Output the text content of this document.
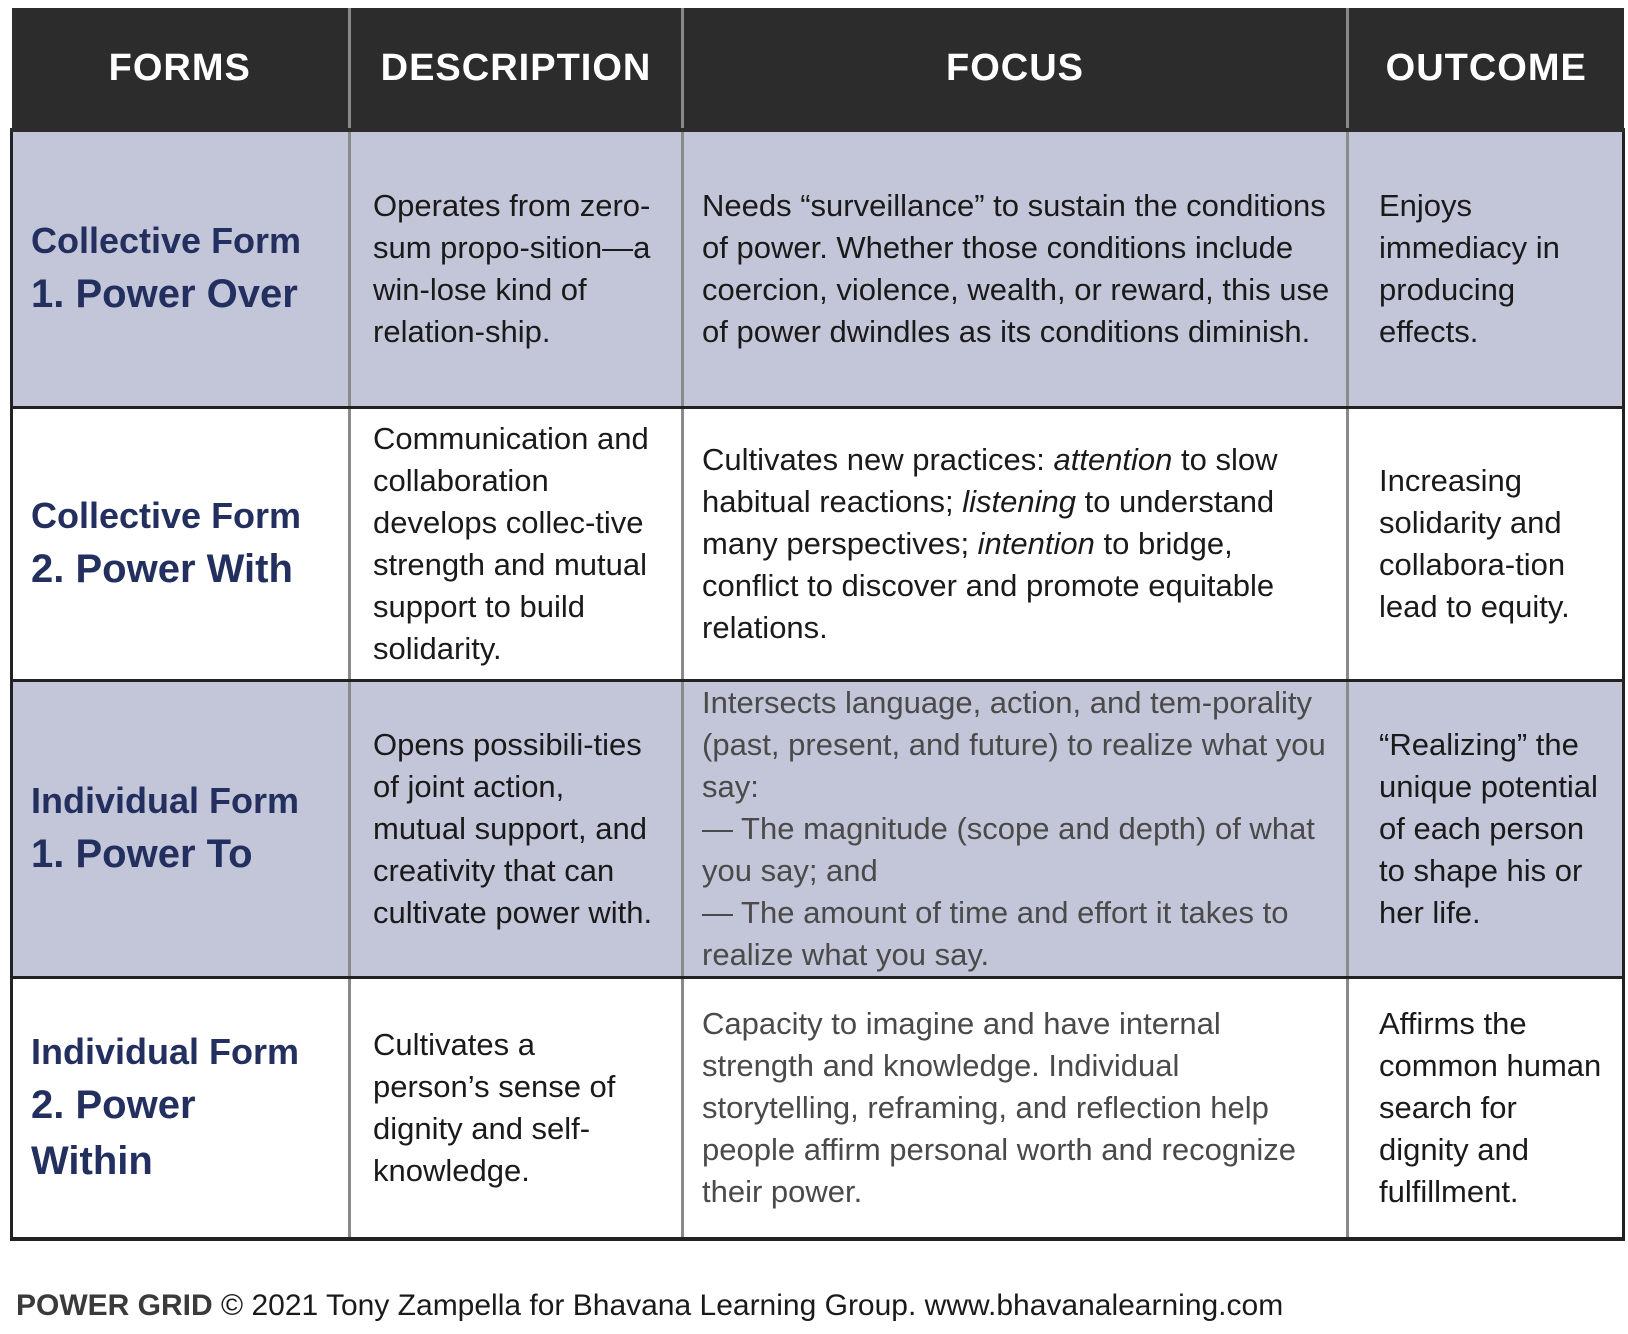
FORMS	DESCRIPTION	FOCUS	OUTCOME

Collective Form
1. Power Over	Operates from zero-sum propo-sition—a win-lose kind of relation-ship.	Needs “surveillance” to sustain the conditions of power. Whether those conditions include coercion, violence, wealth, or reward, this use of power dwindles as its conditions diminish.	Enjoys immediacy in producing effects.

Collective Form
2. Power With	Communication and collaboration develops collec-tive strength and mutual support to build solidarity.	Cultivates new practices: attention to slow habitual reactions; listening to understand many perspectives; intention to bridge, conflict to discover and promote equitable relations.	Increasing solidarity and collabora-tion lead to equity.

Individual Form
1. Power To	Opens possibili-ties of joint action, mutual support, and creativity that can cultivate power with.	Intersects language, action, and tem-porality (past, present, and future) to realize what you say:
— The magnitude (scope and depth) of what you say; and
— The amount of time and effort it takes to realize what you say.	“Realizing” the unique potential of each person to shape his or her life.

Individual Form
2. Power Within	Cultivates a person’s sense of dignity and self-knowledge.	Capacity to imagine and have internal strength and knowledge. Individual storytelling, reframing, and reflection help people affirm personal worth and recognize their power.	Affirms the common human search for dignity and fulfillment.
POWER GRID © 2021 Tony Zampella for Bhavana Learning Group. www.bhavanalearning.com
